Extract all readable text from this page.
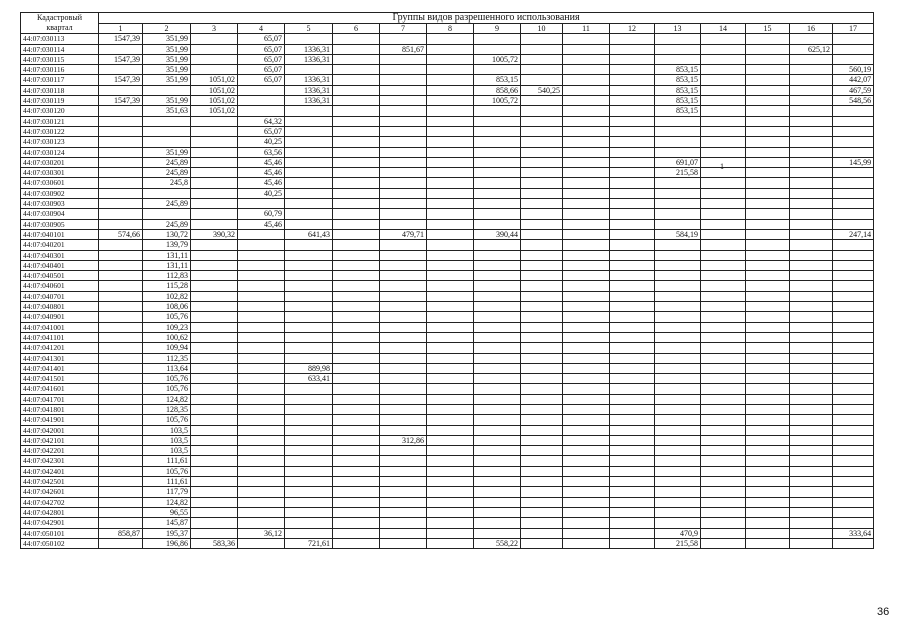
Кадастровый
квартал	Группы видов разрешенного использования																
	1	2	3	4	5	6	7	8	9	10	11	12	13	14	15	16	17
44:07:030113	1547,39	351,99		65,07													
44:07:030114		351,99		65,07	1336,31		851,67									625,12	
44:07:030115	1547,39	351,99		65,07	1336,31				1005,72								
44:07:030116		351,99		65,07									853,15				560,19
44:07:030117	1547,39	351,99	1051,02	65,07	1336,31				853,15				853,15				442,07
44:07:030118			1051,02		1336,31				858,66	540,25			853,15				467,59
44:07:030119	1547,39	351,99	1051,02		1336,31				1005,72				853,15				548,56
44:07:030120		351,63	1051,02										853,15				
44:07:030121				64,32													
44:07:030122				65,07													
44:07:030123				40,25													
44:07:030124		351,99		63,56													
44:07:030201		245,89		45,46									691,07				145,99
44:07:030301		245,89		45,46									215,58				
44:07:030601		245,8		45,46													
44:07:030902				40,25													
44:07:030903		245,89															
44:07:030904				60,79													
44:07:030905		245,89		45,46													
44:07:040101	574,66	130,72	390,32		641,43		479,71		390,44				584,19				247,14
44:07:040201		139,79															
44:07:040301		131,11															
44:07:040401		131,11															
44:07:040501		112,83															
44:07:040601		115,28															
44:07:040701		102,82															
44:07:040801		108,06															
44:07:040901		105,76															
44:07:041001		109,23															
44:07:041101		100,62															
44:07:041201		109,94															
44:07:041301		112,35															
44:07:041401		113,64			889,98												
44:07:041501		105,76			633,41												
44:07:041601		105,76															
44:07:041701		124,82															
44:07:041801		128,35															
44:07:041901		105,76															
44:07:042001		103,5															
44:07:042101		103,5					312,86										
44:07:042201		103,5															
44:07:042301		111,61															
44:07:042401		105,76															
44:07:042501		111,61															
44:07:042601		117,79															
44:07:042702		124,82															
44:07:042801		96,55															
44:07:042901		145,87															
44:07:050101	858,87	195,37		36,12									470,9				333,64
44:07:050102		196,86	583,36		721,61				558,22				215,58				
1
36
